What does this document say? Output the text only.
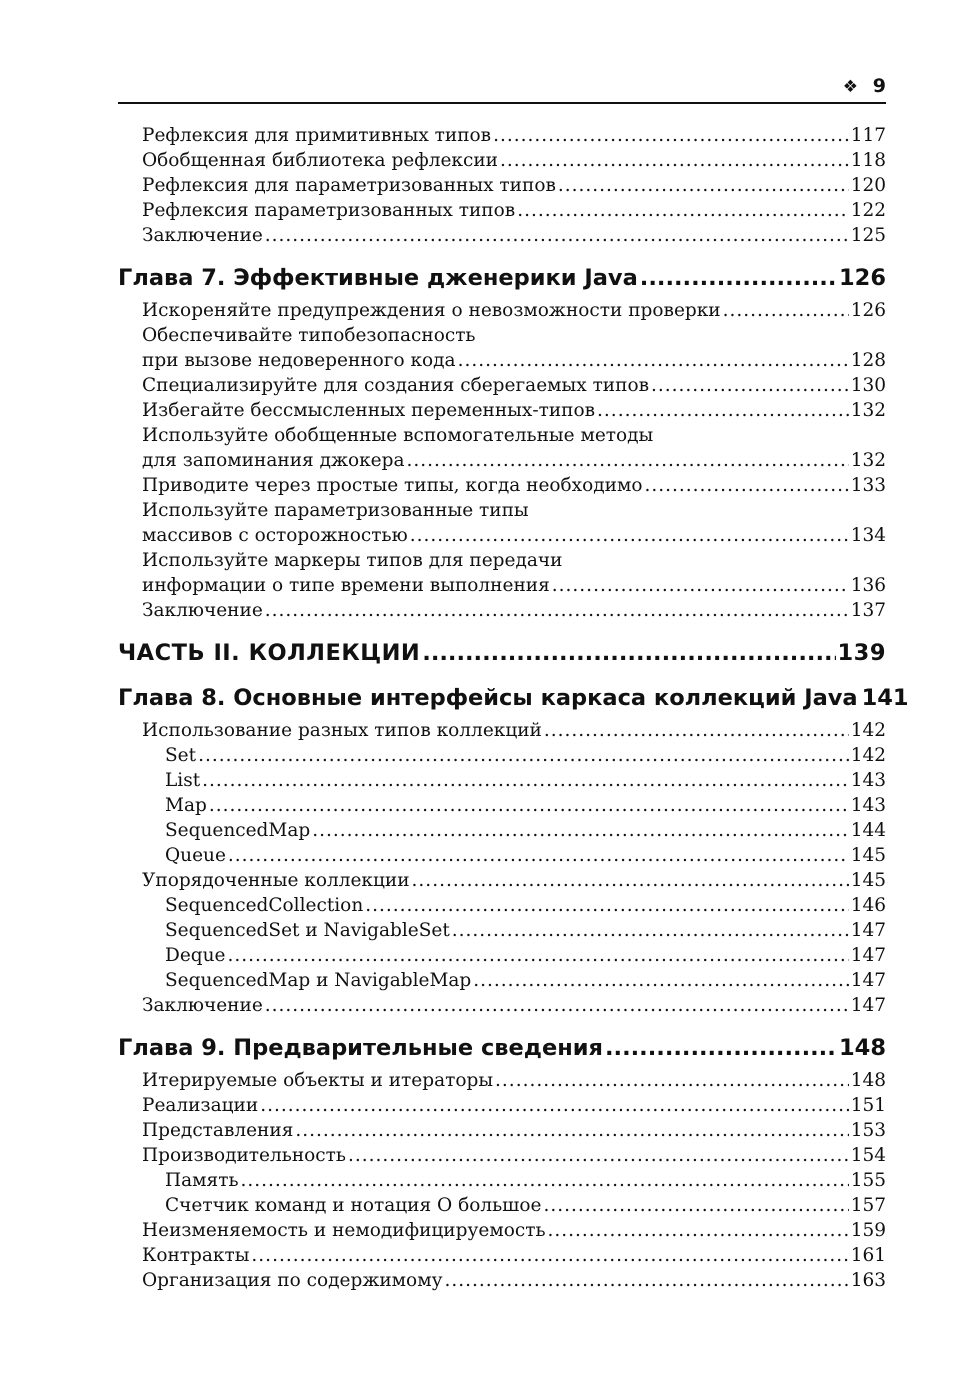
❖ 9
Рефлексия для примитивных типов .....	117
Обобщенная библиотека рефлексии .....	118
Рефлексия для параметризованных типов .....	120
Рефлексия параметризованных типов .....	122
Заключение .....	125
Глава 7. Эффективные дженерики Java .....	126
Искореняйте предупреждения о невозможности проверки .....	126
Обеспечивайте типобезопасность
при вызове недоверенного кода .....	128
Специализируйте для создания сберегаемых типов .....	130
Избегайте бессмысленных переменных-типов .....	132
Используйте обобщенные вспомогательные методы
для запоминания джокера .....	132
Приводите через простые типы, когда необходимо .....	133
Используйте параметризованные типы
массивов с осторожностью .....	134
Используйте маркеры типов для передачи
информации о типе времени выполнения .....	136
Заключение .....	137
ЧАСТЬ II. КОЛЛЕКЦИИ .....	139
Глава 8. Основные интерфейсы каркаса коллекций Java 141
Использование разных типов коллекций .....	142
Set .....	142
List .....	143
Map .....	143
SequencedMap .....	144
Queue .....	145
Упорядоченные коллекции .....	145
SequencedCollection .....	146
SequencedSet и NavigableSet .....	147
Deque .....	147
SequencedMap и NavigableMap .....	147
Заключение .....	147
Глава 9. Предварительные сведения .....	148
Итерируемые объекты и итераторы .....	148
Реализации .....	151
Представления .....	153
Производительность .....	154
Память .....	155
Счетчик команд и нотация O большое .....	157
Неизменяемость и немодифицируемость .....	159
Контракты .....	161
Организация по содержимому .....	163
